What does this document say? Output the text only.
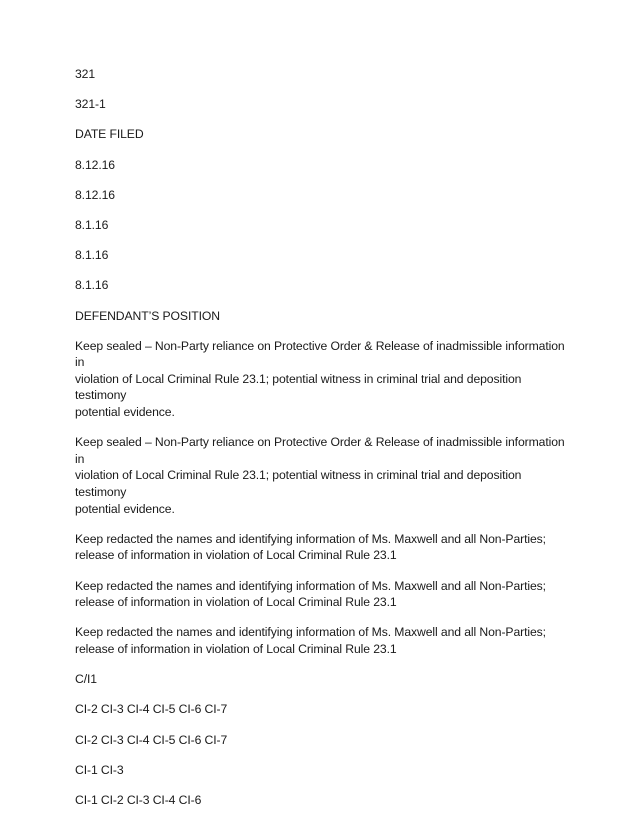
321

321-1

DATE FILED

8.12.16

8.12.16

8.1.16

8.1.16

8.1.16

DEFENDANT’S POSITION

Keep sealed – Non-Party reliance on Protective Order & Release of inadmissible information in
violation of Local Criminal Rule 23.1; potential witness in criminal trial and deposition testimony
potential evidence.

Keep sealed – Non-Party reliance on Protective Order & Release of inadmissible information in
violation of Local Criminal Rule 23.1; potential witness in criminal trial and deposition testimony
potential evidence.

Keep redacted the names and identifying information of Ms. Maxwell and all Non-Parties;
release of information in violation of Local Criminal Rule 23.1

Keep redacted the names and identifying information of Ms. Maxwell and all Non-Parties;
release of information in violation of Local Criminal Rule 23.1

Keep redacted the names and identifying information of Ms. Maxwell and all Non-Parties;
release of information in violation of Local Criminal Rule 23.1

C/I1

CI-2 CI-3 CI-4 CI-5 CI-6 CI-7

CI-2 CI-3 CI-4 CI-5 CI-6 CI-7

CI-1 CI-3

CI-1 CI-2 CI-3 CI-4 CI-6
